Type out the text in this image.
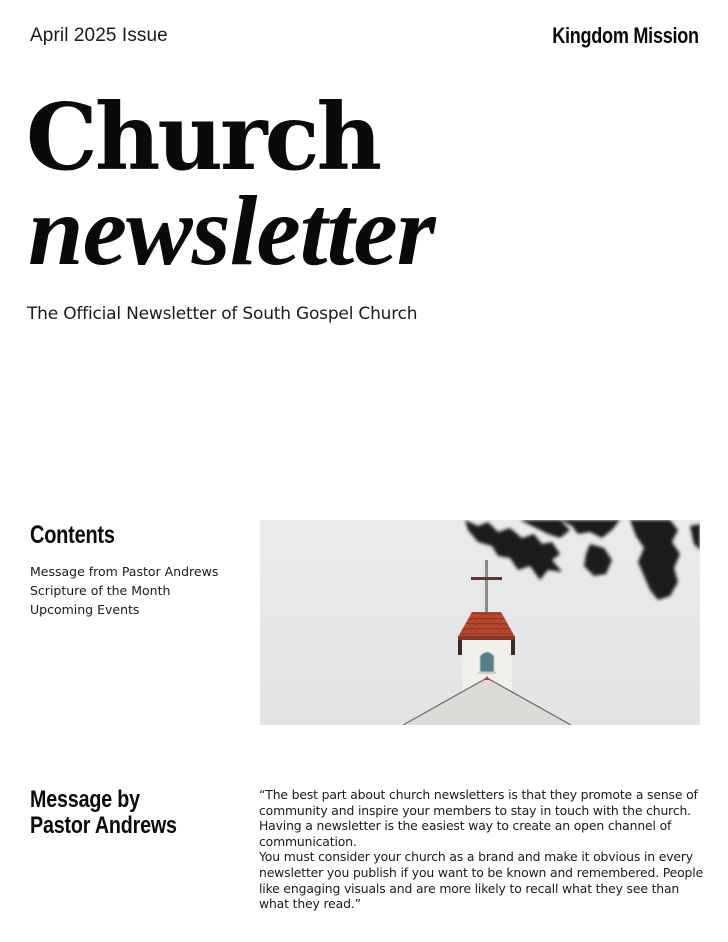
April 2025 Issue	Kingdom Mission
Church
newsletter
The Official Newsletter of South Gospel Church
Contents
Message from Pastor Andrews
Scripture of the Month
Upcoming Events
Message by
Pastor Andrews

“The best part about church newsletters is that they promote a sense of community and inspire your members to stay in touch with the church. Having a newsletter is the easiest way to create an open channel of communication.

You must consider your church as a brand and make it obvious in every newsletter you publish if you want to be known and remembered. People like engaging visuals and are more likely to recall what they see than what they read.”
